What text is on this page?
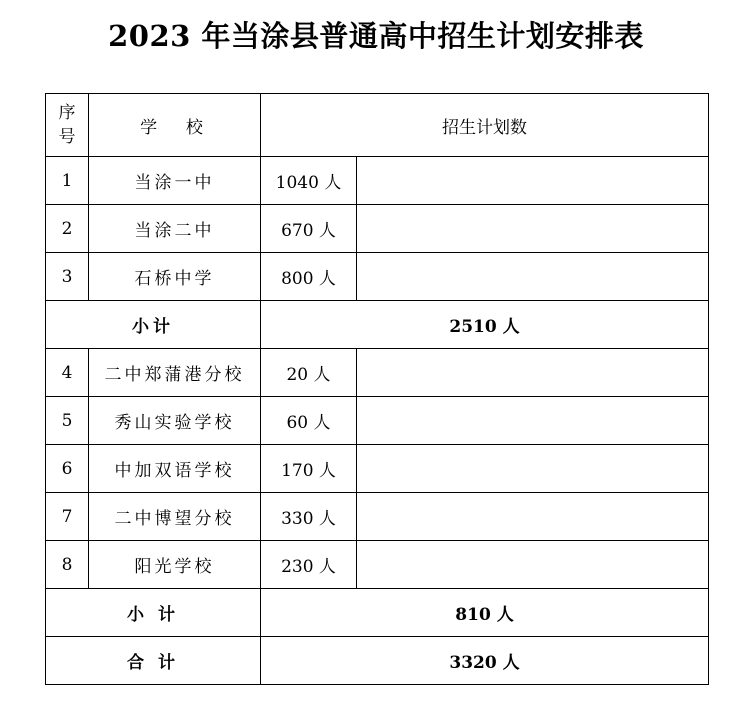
2023 年当涂县普通高中招生计划安排表
序
号	学  校	招生计划数	
1	当涂一中	1040 人	
2	当涂二中	670 人	
3	石桥中学	800 人	
小计		2510 人	
4	二中郑蒲港分校	20 人	
5	秀山实验学校	60 人	
6	中加双语学校	170 人	
7	二中博望分校	330 人	
8	阳光学校	230 人	
小 计		810 人	
合 计		3320 人	
